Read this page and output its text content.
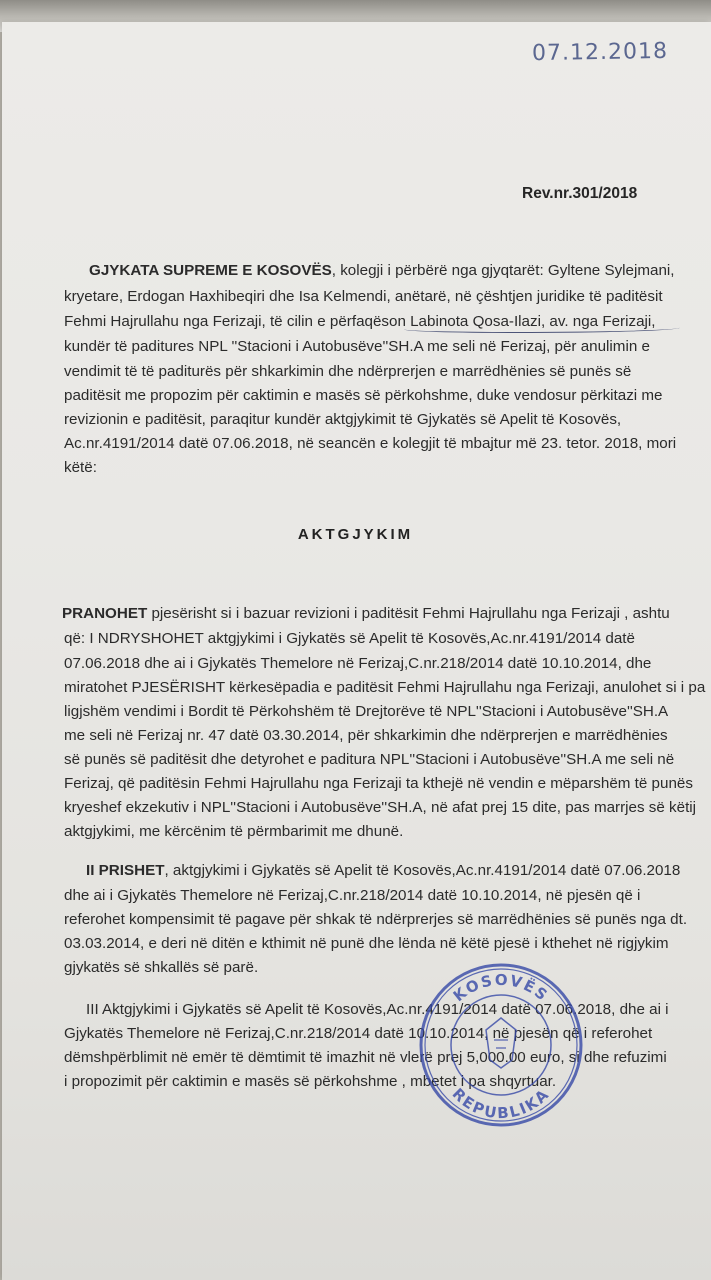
07.12.2018
Rev.nr.301/2018
GJYKATA SUPREME E KOSOVËS, kolegji i përbërë nga gjyqtarët: Gyltene Sylejmani,
kryetare, Erdogan Haxhibeqiri dhe Isa Kelmendi, anëtarë, në çështjen juridike të paditësit
Fehmi Hajrullahu nga Ferizaji, të cilin e përfaqëson Labinota Qosa-Ilazi, av. nga Ferizaji,
kundër të paditures NPL ''Stacioni i Autobusëve''SH.A me seli në Ferizaj, për anulimin e
vendimit të të paditurës për shkarkimin dhe ndërprerjen e marrëdhënies së punës së
paditësit me propozim për caktimin e masës së përkohshme, duke vendosur përkitazi me
revizionin e paditësit, paraqitur kundër aktgjykimit të Gjykatës së Apelit të Kosovës,
Ac.nr.4191/2014 datë 07.06.2018, në seancën e kolegjit të mbajtur më 23. tetor. 2018, mori
këtë:
AKTGJYKIM
PRANOHET pjesërisht si i bazuar revizioni i paditësit Fehmi Hajrullahu nga Ferizaji , ashtu
që: I NDRYSHOHET aktgjykimi i Gjykatës së Apelit të Kosovës,Ac.nr.4191/2014 datë
07.06.2018 dhe ai i Gjykatës Themelore në Ferizaj,C.nr.218/2014 datë 10.10.2014, dhe
miratohet PJESËRISHT kërkesëpadia e paditësit Fehmi Hajrullahu nga Ferizaji, anulohet si i pa
ligjshëm vendimi i Bordit të Përkohshëm të Drejtorëve të NPL''Stacioni i Autobusëve''SH.A
me seli në Ferizaj nr. 47 datë 03.30.2014, për shkarkimin dhe ndërprerjen e marrëdhënies
së punës së paditësit dhe detyrohet e paditura NPL''Stacioni i Autobusëve''SH.A me seli në
Ferizaj, që paditësin Fehmi Hajrullahu nga Ferizaji ta kthejë në vendin e mëparshëm të punës
kryeshef ekzekutiv i NPL''Stacioni i Autobusëve''SH.A, në afat prej 15 dite, pas marrjes së këtij
aktgjykimi, me kërcënim të përmbarimit me dhunë.
II PRISHET, aktgjykimi i Gjykatës së Apelit të Kosovës,Ac.nr.4191/2014 datë 07.06.2018
dhe ai i Gjykatës Themelore në Ferizaj,C.nr.218/2014 datë 10.10.2014, në pjesën që i
referohet kompensimit të pagave për shkak të ndërprerjes së marrëdhënies së punës nga dt.
03.03.2014, e deri në ditën e kthimit në punë dhe lënda në këtë pjesë i kthehet në rigjykim
gjykatës së shkallës së parë.
III Aktgjykimi i Gjykatës së Apelit të Kosovës,Ac.nr.4191/2014 datë 07.06.2018, dhe ai i
Gjykatës Themelore në Ferizaj,C.nr.218/2014 datë 10.10.2014, në pjesën që i referohet
dëmshpërblimit në emër të dëmtimit të imazhit në vlerë prej 5,000.00 euro, si dhe refuzimi
i propozimit për caktimin e masës së përkohshme , mbetet i pa shqyrtuar.
KOSOVËS
REPUBLIKA
